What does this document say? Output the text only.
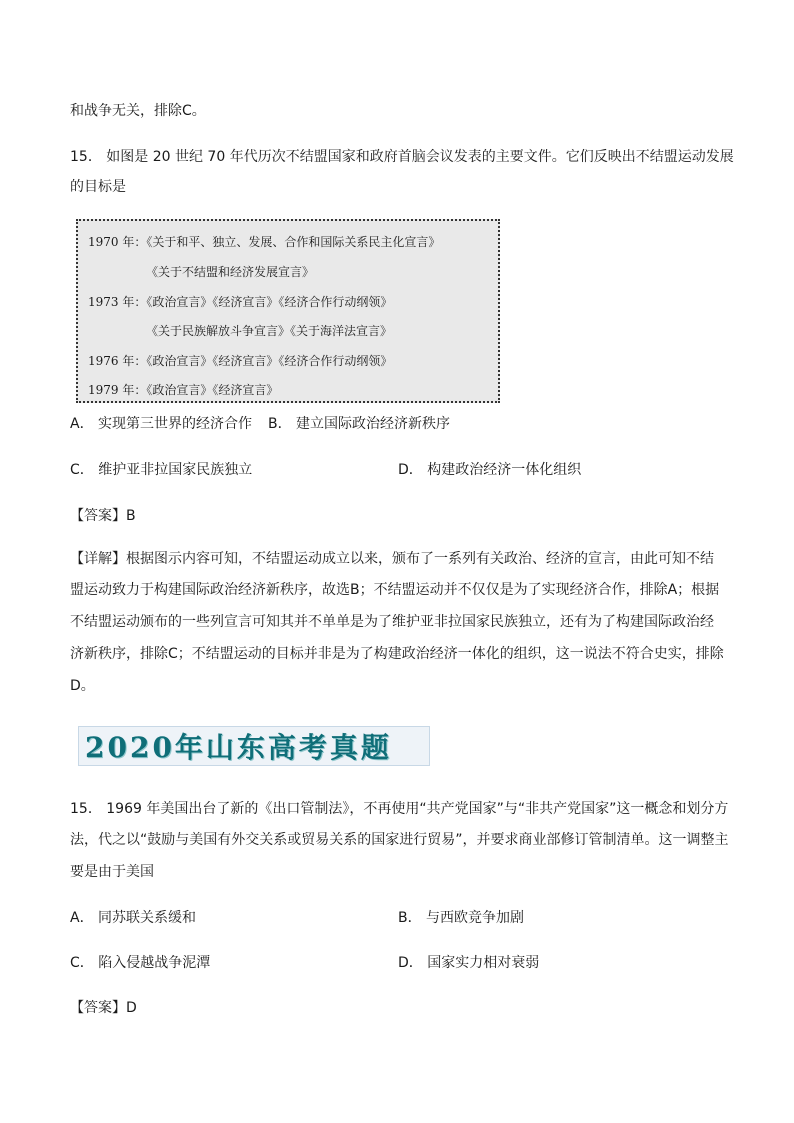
和战争无关，排除C。
15． 如图是 20 世纪 70 年代历次不结盟国家和政府首脑会议发表的主要文件。它们反映出不结盟运动发展
的目标是
1970 年：《关于和平、独立、发展、合作和国际关系民主化宣言》
《关于不结盟和经济发展宣言》
1973 年：《政治宣言》《经济宣言》《经济合作行动纲领》
《关于民族解放斗争宣言》《关于海洋法宣言》
1976 年：《政治宣言》《经济宣言》《经济合作行动纲领》
1979 年：《政治宣言》《经济宣言》
A． 实现第三世界的经济合作 B． 建立国际政治经济新秩序
C． 维护亚非拉国家民族独立	D． 构建政治经济一体化组织
【答案】B
【详解】根据图示内容可知，不结盟运动成立以来，颁布了一系列有关政治、经济的宣言，由此可知不结
盟运动致力于构建国际政治经济新秩序，故选B；不结盟运动并不仅仅是为了实现经济合作，排除A；根据
不结盟运动颁布的一些列宣言可知其并不单单是为了维护亚非拉国家民族独立，还有为了构建国际政治经
济新秩序，排除C；不结盟运动的目标并非是为了构建政治经济一体化的组织，这一说法不符合史实，排除
D。
2020年山东高考真题
15． 1969 年美国出台了新的《出口管制法》，不再使用“共产党国家”与“非共产党国家”这一概念和划分方
法，代之以“鼓励与美国有外交关系或贸易关系的国家进行贸易”，并要求商业部修订管制清单。这一调整主
要是由于美国
A． 同苏联关系缓和	B． 与西欧竞争加剧
C． 陷入侵越战争泥潭	D． 国家实力相对衰弱
【答案】D
